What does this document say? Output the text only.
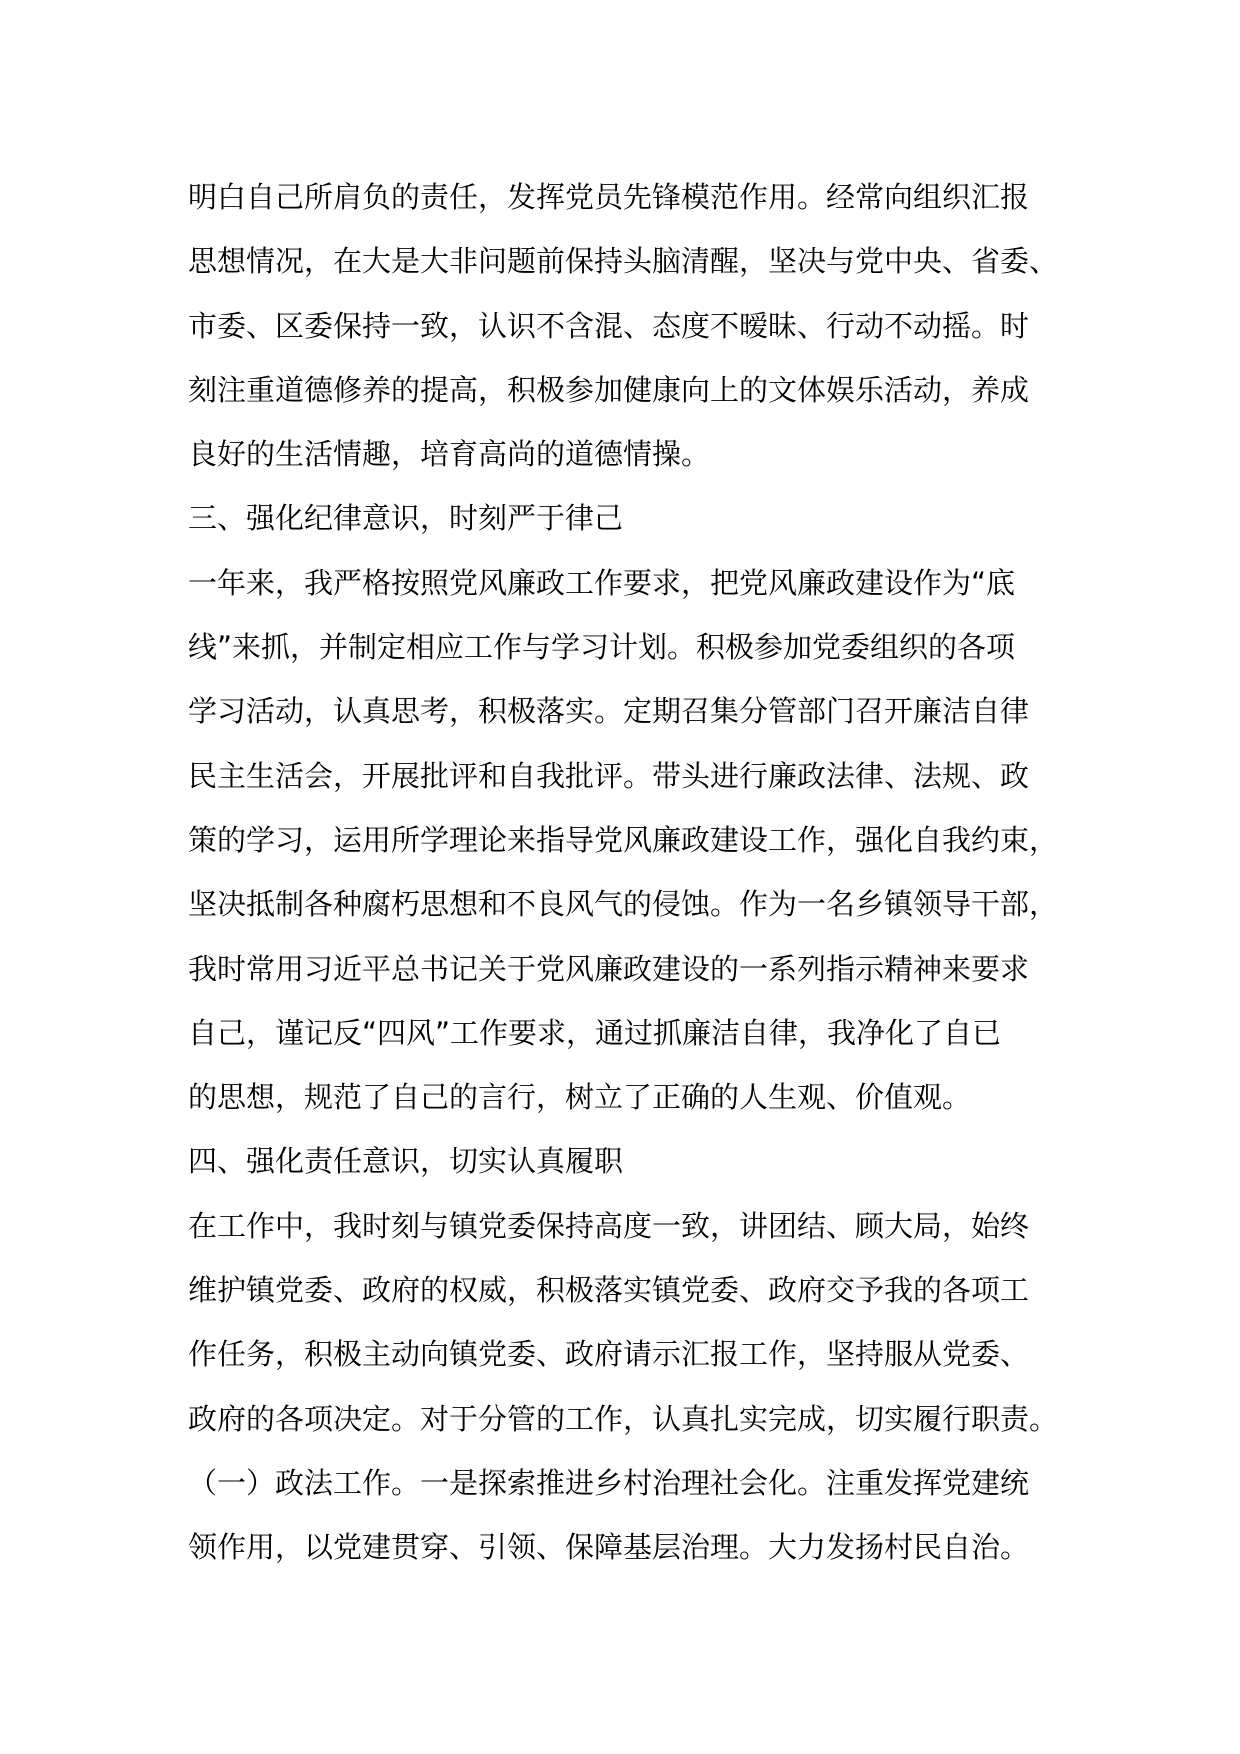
明白自己所肩负的责任，发挥党员先锋模范作用。经常向组织汇报
思想情况，在大是大非问题前保持头脑清醒，坚决与党中央、省委、
市委、区委保持一致，认识不含混、态度不暧昧、行动不动摇。时
刻注重道德修养的提高，积极参加健康向上的文体娱乐活动，养成
良好的生活情趣，培育高尚的道德情操。
三、强化纪律意识，时刻严于律己
一年来，我严格按照党风廉政工作要求，把党风廉政建设作为“底
线”来抓，并制定相应工作与学习计划。积极参加党委组织的各项
学习活动，认真思考，积极落实。定期召集分管部门召开廉洁自律
民主生活会，开展批评和自我批评。带头进行廉政法律、法规、政
策的学习，运用所学理论来指导党风廉政建设工作，强化自我约束，
坚决抵制各种腐朽思想和不良风气的侵蚀。作为一名乡镇领导干部，
我时常用习近平总书记关于党风廉政建设的一系列指示精神来要求
自己，谨记反“四风”工作要求，通过抓廉洁自律，我净化了自已
的思想，规范了自己的言行，树立了正确的人生观、价值观。
四、强化责任意识，切实认真履职
在工作中，我时刻与镇党委保持高度一致，讲团结、顾大局，始终
维护镇党委、政府的权威，积极落实镇党委、政府交予我的各项工
作任务，积极主动向镇党委、政府请示汇报工作，坚持服从党委、
政府的各项决定。对于分管的工作，认真扎实完成，切实履行职责。
（一）政法工作。一是探索推进乡村治理社会化。注重发挥党建统
领作用，以党建贯穿、引领、保障基层治理。大力发扬村民自治。
